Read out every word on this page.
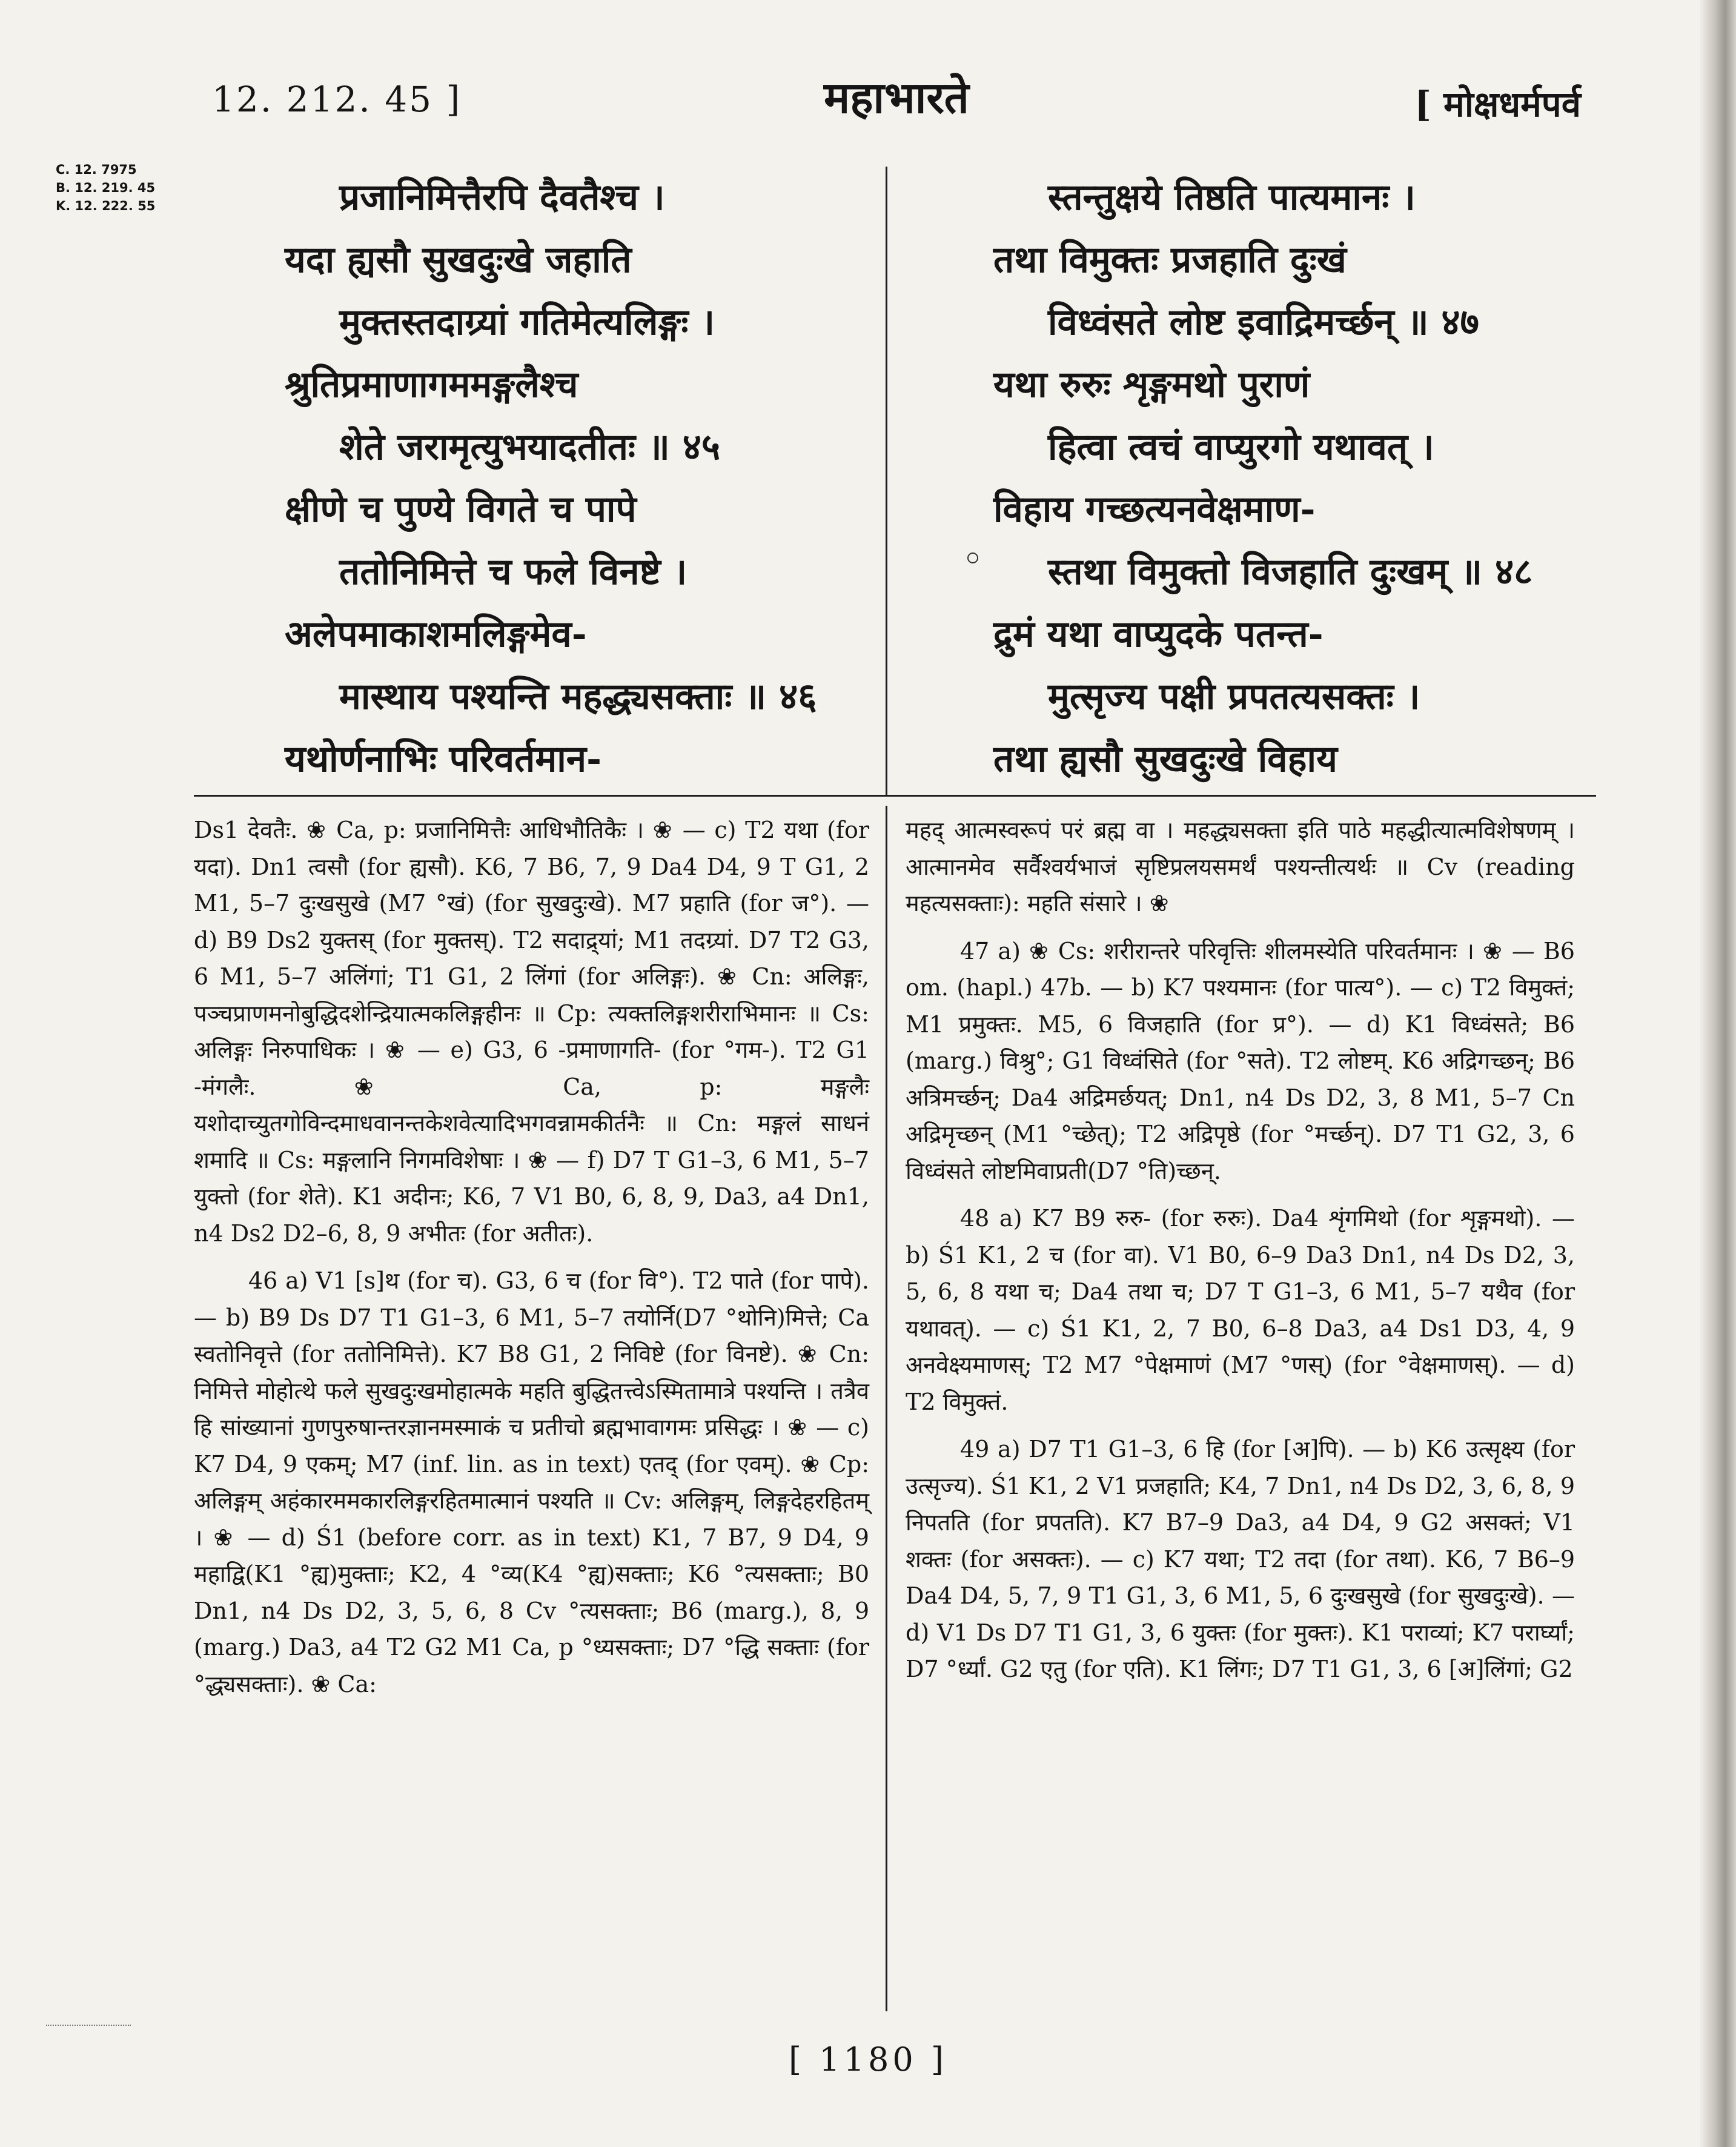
12. 212. 45 ]	महाभारते	[ मोक्षधर्मपर्व
C. 12. 7975
B. 12. 219. 45
K. 12. 222. 55	प्रजानिमित्तैरपि दैवतैश्च ।
यदा ह्यसौ सुखदुःखे जहाति
मुक्तस्तदाग्र्यां गतिमेत्यलिङ्गः ।
श्रुतिप्रमाणागममङ्गलैश्च
शेते जरामृत्युभयादतीतः ॥ ४५
क्षीणे च पुण्ये विगते च पापे
ततोनिमित्ते च फले विनष्टे ।
अलेपमाकाशमलिङ्गमेव-
मास्थाय पश्यन्ति महद्ध्यसक्ताः ॥ ४६
यथोर्णनाभिः परिवर्तमान-
स्तन्तुक्षये तिष्ठति पात्यमानः ।
तथा विमुक्तः प्रजहाति दुःखं
विध्वंसते लोष्ट इवाद्रिमर्च्छन् ॥ ४७
यथा रुरुः शृङ्गमथो पुराणं
हित्वा त्वचं वाप्युरगो यथावत् ।
विहाय गच्छत्यनवेक्षमाण-
स्तथा विमुक्तो विजहाति दुःखम् ॥ ४८
द्रुमं यथा वाप्युदके पतन्त-
मुत्सृज्य पक्षी प्रपतत्यसक्तः ।
तथा ह्यसौ सुखदुःखे विहाय

Ds1 देवतैः. ❀ Ca, p: प्रजानिमित्तैः आधिभौतिकैः । ❀ — c) T2 यथा (for यदा). Dn1 त्वसौ (for ह्यसौ). K6, 7 B6, 7, 9 Da4 D4, 9 T G1, 2 M1, 5–7 दुःखसुखे (M7 °खं) (for सुखदुःखे). M7 प्रहाति (for ज°). — d) B9 Ds2 युक्तस् (for मुक्तस्). T2 सदाद्र्यां; M1 तदग्र्यां. D7 T2 G3, 6 M1, 5–7 अलिंगां; T1 G1, 2 लिंगां (for अलिङ्गः). ❀ Cn: अलिङ्गः, पञ्चप्राणमनोबुद्धिदशेन्द्रियात्मकलिङ्गहीनः ॥ Cp: त्यक्तलिङ्गशरीराभिमानः ॥ Cs: अलिङ्गः निरुपाधिकः । ❀ — e) G3, 6 -प्रमाणागति- (for °गम-). T2 G1 -मंगलैः. ❀ Ca, p: मङ्गलैः यशोदाच्युतगोविन्दमाधवानन्तकेशवेत्यादिभगवन्नामकीर्तनैः ॥ Cn: मङ्गलं साधनं शमादि ॥ Cs: मङ्गलानि निगमविशेषाः । ❀ — f) D7 T G1–3, 6 M1, 5–7 युक्तो (for शेते). K1 अदीनः; K6, 7 V1 B0, 6, 8, 9, Da3, a4 Dn1, n4 Ds2 D2–6, 8, 9 अभीतः (for अतीतः).

46 a) V1 [s]थ (for च). G3, 6 च (for वि°). T2 पाते (for पापे). — b) B9 Ds D7 T1 G1–3, 6 M1, 5–7 तयोर्नि(D7 °थोनि)मित्ते; Ca स्वतोनिवृत्ते (for ततोनिमित्ते). K7 B8 G1, 2 निविष्टे (for विनष्टे). ❀ Cn: निमित्ते मोहोत्थे फले सुखदुःखमोहात्मके महति बुद्धितत्त्वेऽस्मितामात्रे पश्यन्ति । तत्रैव हि सांख्यानां गुणपुरुषान्तरज्ञानमस्माकं च प्रतीचो ब्रह्मभावागमः प्रसिद्धः । ❀ — c) K7 D4, 9 एकम्; M7 (inf. lin. as in text) एतद् (for एवम्). ❀ Cp: अलिङ्गम् अहंकारममकारलिङ्गरहितमात्मानं पश्यति ॥ Cv: अलिङ्गम्, लिङ्गदेहरहितम् । ❀ — d) Ś1 (before corr. as in text) K1, 7 B7, 9 D4, 9 महाद्वि(K1 °ह्य)मुक्ताः; K2, 4 °व्य(K4 °ह्य)सक्ताः; K6 °त्यसक्ताः; B0 Dn1, n4 Ds D2, 3, 5, 6, 8 Cv °त्यसक्ताः; B6 (marg.), 8, 9 (marg.) Da3, a4 T2 G2 M1 Ca, p °ध्यसक्ताः; D7 °द्धि सक्ताः (for °द्ध्यसक्ताः). ❀ Ca:

महद् आत्मस्वरूपं परं ब्रह्म वा । महद्ध्यसक्ता इति पाठे महद्धीत्यात्मविशेषणम् । आत्मानमेव सर्वैश्वर्यभाजं सृष्टिप्रलयसमर्थं पश्यन्तीत्यर्थः ॥ Cv (reading महत्यसक्ताः): महति संसारे । ❀

47 a) ❀ Cs: शरीरान्तरे परिवृत्तिः शीलमस्येति परिवर्तमानः । ❀ — B6 om. (hapl.) 47b. — b) K7 पश्यमानः (for पात्य°). — c) T2 विमुक्तं; M1 प्रमुक्तः. M5, 6 विजहाति (for प्र°). — d) K1 विध्वंसते; B6 (marg.) विश्रु°; G1 विध्वंसिते (for °सते). T2 लोष्टम्. K6 अद्रिगच्छन्; B6 अत्रिमर्च्छन्; Da4 अद्रिमर्छयत्; Dn1, n4 Ds D2, 3, 8 M1, 5–7 Cn अद्रिमृच्छन् (M1 °च्छेत्); T2 अद्रिपृष्ठे (for °मर्च्छन्). D7 T1 G2, 3, 6 विध्वंसते लोष्टमिवाप्रती(D7 °ति)च्छन्.

48 a) K7 B9 रुरु- (for रुरुः). Da4 शृंगमिथो (for शृङ्गमथो). — b) Ś1 K1, 2 च (for वा). V1 B0, 6–9 Da3 Dn1, n4 Ds D2, 3, 5, 6, 8 यथा च; Da4 तथा च; D7 T G1–3, 6 M1, 5–7 यथैव (for यथावत्). — c) Ś1 K1, 2, 7 B0, 6–8 Da3, a4 Ds1 D3, 4, 9 अनवेक्ष्यमाणस्; T2 M7 °पेक्षमाणं (M7 °णस्) (for °वेक्षमाणस्). — d) T2 विमुक्तं.

49 a) D7 T1 G1–3, 6 हि (for [अ]पि). — b) K6 उत्सृक्ष्य (for उत्सृज्य). Ś1 K1, 2 V1 प्रजहाति; K4, 7 Dn1, n4 Ds D2, 3, 6, 8, 9 निपतति (for प्रपतति). K7 B7–9 Da3, a4 D4, 9 G2 असक्तं; V1 शक्तः (for असक्तः). — c) K7 यथा; T2 तदा (for तथा). K6, 7 B6–9 Da4 D4, 5, 7, 9 T1 G1, 3, 6 M1, 5, 6 दुःखसुखे (for सुखदुःखे). — d) V1 Ds D7 T1 G1, 3, 6 युक्तः (for मुक्तः). K1 पराव्यां; K7 परार्घ्यां; D7 °र्ध्यां. G2 एतु (for एति). K1 लिंगः; D7 T1 G1, 3, 6 [अ]लिंगां; G2

[ 1180 ]
